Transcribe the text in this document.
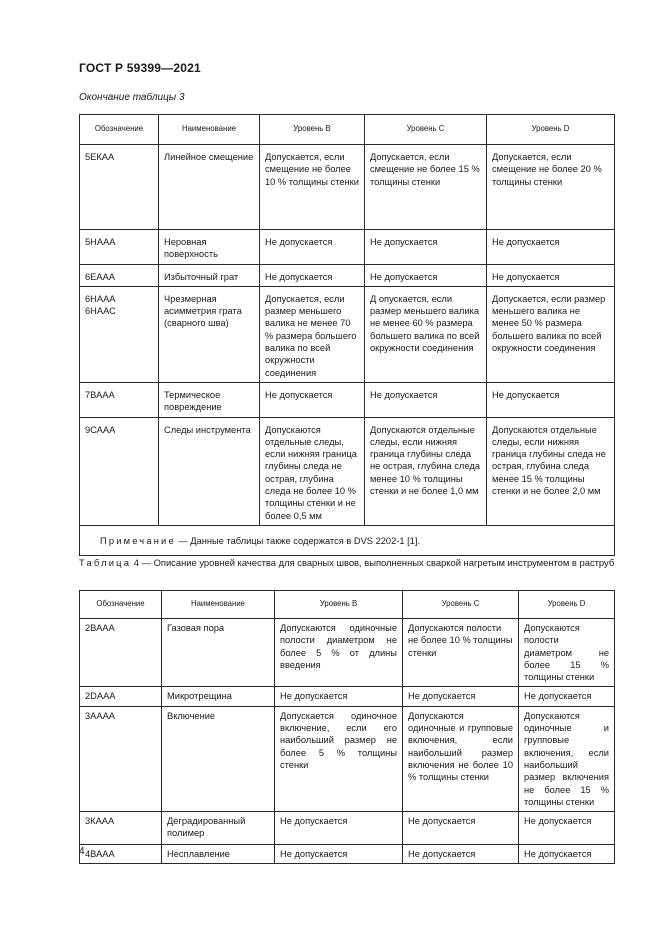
ГОСТ Р 59399—2021
Окончание таблицы 3
Обозначение	Наименование	Уровень B	Уровень C	Уровень D
5ЕКАА	Линейное смещение	Допускается, если смещение не более 10 % толщины стенки	Допускается, если смещение не более 15 % толщины стенки	Допускается, если смещение не более 20 % толщины стенки
5НААА	Неровная поверхность	Не допускается	Не допускается	Не допускается
6ЕААА	Избыточный грат	Не допускается	Не допускается	Не допускается
6НААА
6НААС	Чрезмерная асимметрия грата (сварного шва)	Допускается, если размер меньшего валика не менее 70 % размера большего валика по всей окружности соединения	Д опускается, если размер меньшего валика не менее 60 % размера большего валика по всей окружности соединения	Допускается, если размер меньшего валика не менее 50 % размера большего валика по всей окружности соединения
7ВААА	Термическое повреждение	Не допускается	Не допускается	Не допускается
9САAA	Следы инструмента	Допускаются отдельные следы, если нижняя граница глубины следа не острая, глубина следа не более 10 % толщины стенки и не более 0,5 мм	Допускаются отдельные следы, если нижняя граница глубины следа не острая, глубина следа менее 10 % толщины стенки и не более 1,0 мм	Допускаются отдельные следы, если нижняя граница глубины следа не острая, глубина следа менее 15 % толщины стенки и не более 2,0 мм
Примечание — Данные таблицы также содержатся в DVS 2202-1 [1].				
Таблица 4 — Описание уровней качества для сварных швов, выполненных сваркой нагретым инструментом в раструб
Обозначение	Наименование	Уровень B	Уровень C	Уровень D
2ВААА	Газовая пора	Допускаются одиночные полости диаметром не более 5 % от длины введения	Допускаются полости не более 10 % толщины стенки	Допускаются полости диаметром не более 15 % толщины стенки
2DAAA	Микротрещина	Не допускается	Не допускается	Не допускается
3АААА	Включение	Допускается одиночное включение, если его наибольший размер не более 5 % толщины стенки	Допускаются одиночные и групповые включения, если наибольший размер включения не более 10 % толщины стенки	Допускаются одиночные и групповые включения, если наибольший размер включения не более 15 % толщины стенки
3КААА	Деградированный полимер	Не допускается	Не допускается	Не допускается
4ВААА	Несплавление	Не допускается	Не допускается	Не допускается
4
